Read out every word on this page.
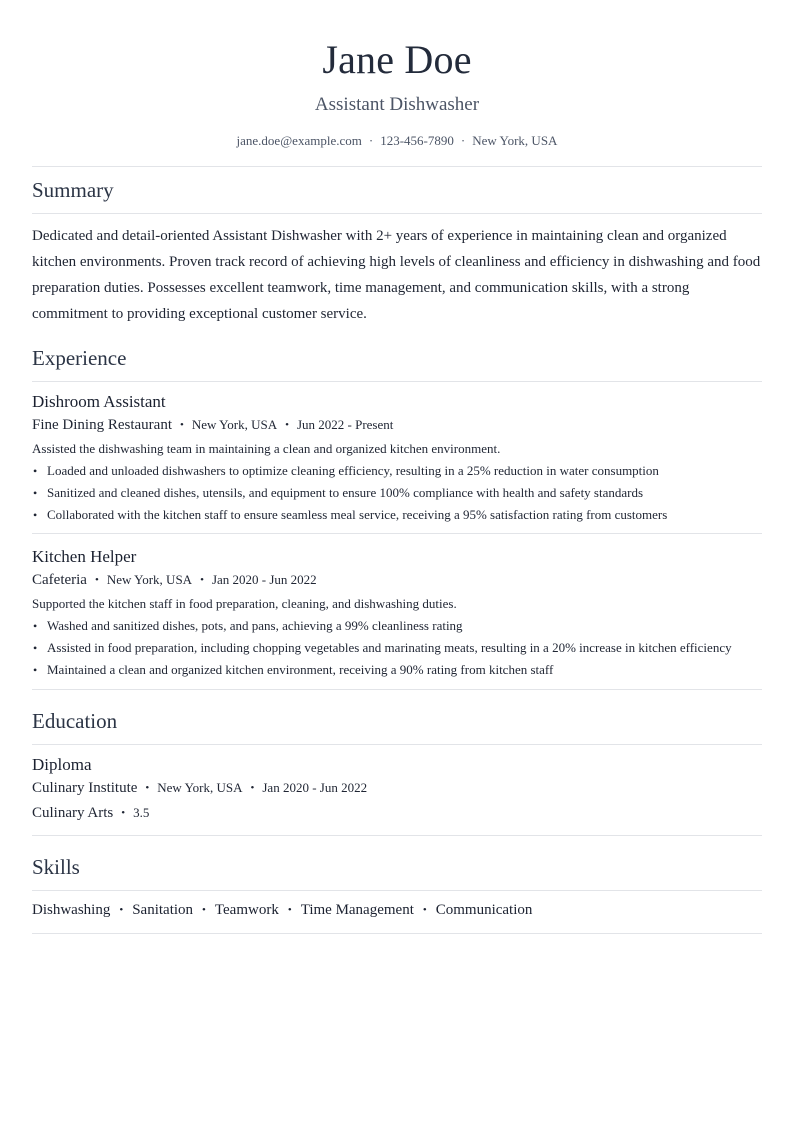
Jane Doe
Assistant Dishwasher
jane.doe@example.com · 123-456-7890 · New York, USA
Summary
Dedicated and detail-oriented Assistant Dishwasher with 2+ years of experience in maintaining clean and organized kitchen environments. Proven track record of achieving high levels of cleanliness and efficiency in dishwashing and food preparation duties. Possesses excellent teamwork, time management, and communication skills, with a strong commitment to providing exceptional customer service.
Experience
Dishroom Assistant
Fine Dining Restaurant • New York, USA • Jun 2022 - Present
Assisted the dishwashing team in maintaining a clean and organized kitchen environment.
• Loaded and unloaded dishwashers to optimize cleaning efficiency, resulting in a 25% reduction in water consumption
• Sanitized and cleaned dishes, utensils, and equipment to ensure 100% compliance with health and safety standards
• Collaborated with the kitchen staff to ensure seamless meal service, receiving a 95% satisfaction rating from customers
Kitchen Helper
Cafeteria • New York, USA • Jan 2020 - Jun 2022
Supported the kitchen staff in food preparation, cleaning, and dishwashing duties.
• Washed and sanitized dishes, pots, and pans, achieving a 99% cleanliness rating
• Assisted in food preparation, including chopping vegetables and marinating meats, resulting in a 20% increase in kitchen efficiency
• Maintained a clean and organized kitchen environment, receiving a 90% rating from kitchen staff
Education
Diploma
Culinary Institute • New York, USA • Jan 2020 - Jun 2022
Culinary Arts • 3.5
Skills
Dishwashing • Sanitation • Teamwork • Time Management • Communication
